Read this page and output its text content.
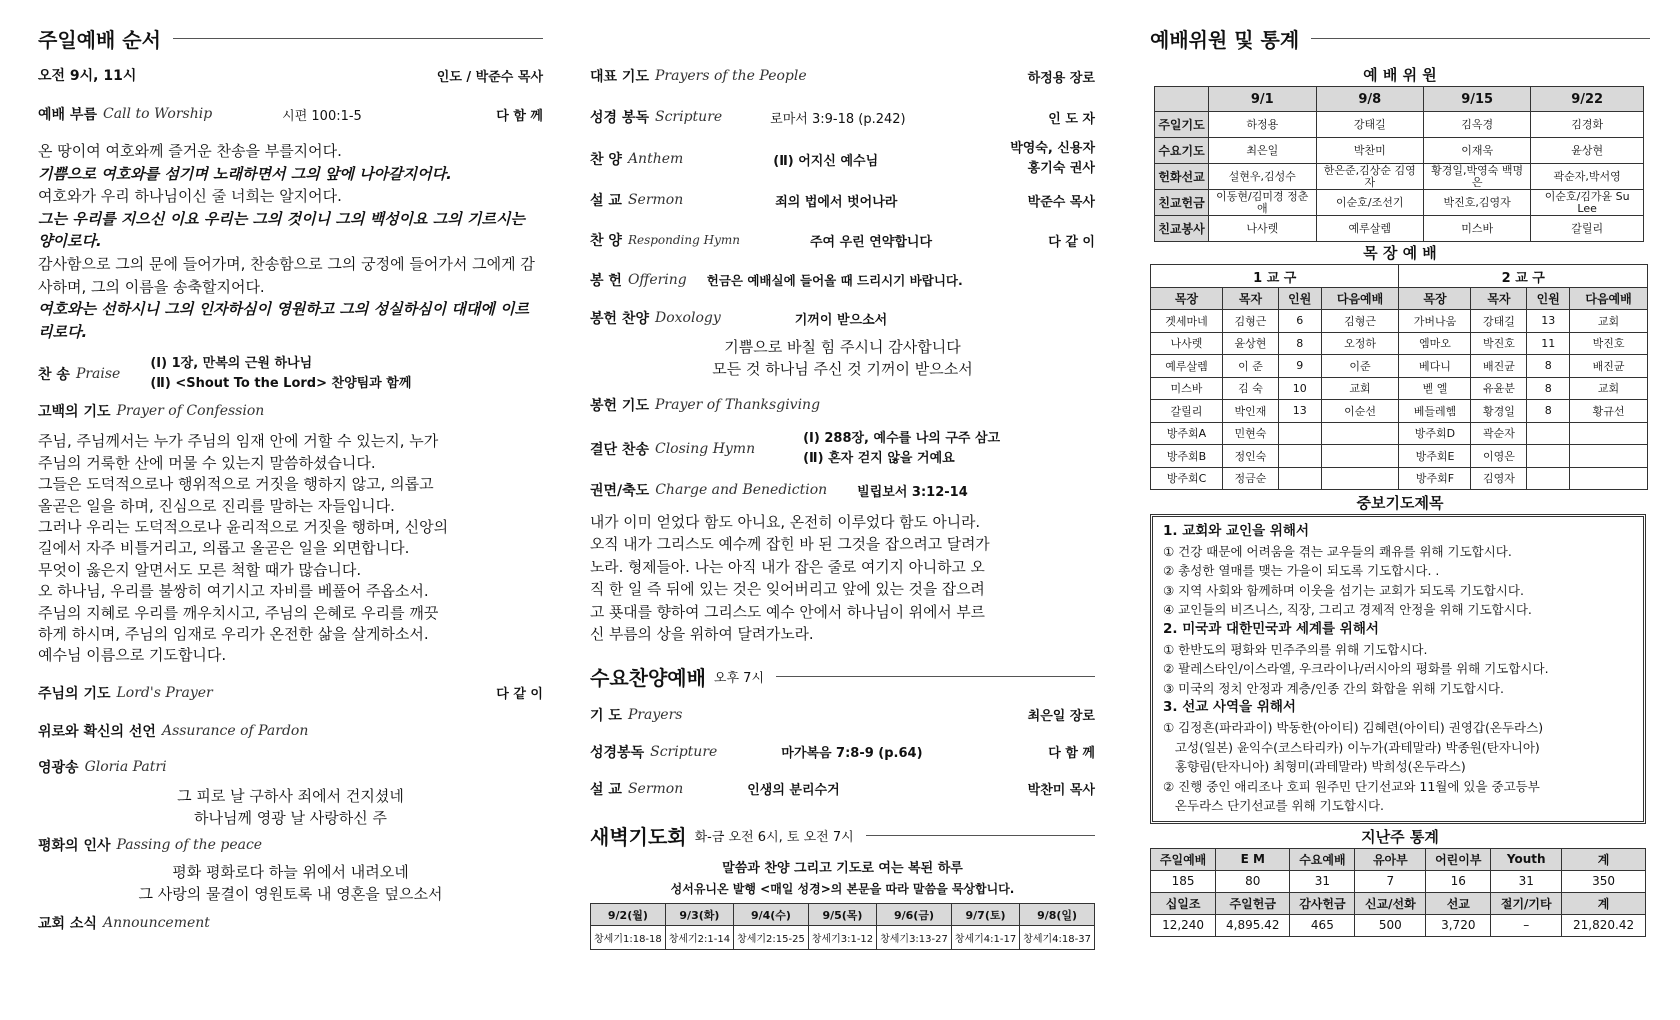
주일예배 순서
오전 9시, 11시	인도 / 박준수 목사
예배 부름 Call to Worship	시편 100:1-5	다 함 께
온 땅이여 여호와께 즐거운 찬송을 부를지어다.
기쁨으로 여호와를 섬기며 노래하면서 그의 앞에 나아갈지어다.
여호와가 우리 하나님이신 줄 너희는 알지어다.
그는 우리를 지으신 이요 우리는 그의 것이니 그의 백성이요 그의 기르시는 양이로다.
감사함으로 그의 문에 들어가며, 찬송함으로 그의 궁정에 들어가서 그에게 감사하며, 그의 이름을 송축할지어다.
여호와는 선하시니 그의 인자하심이 영원하고 그의 성실하심이 대대에 이르리로다.
찬 송 Praise
(Ⅰ) 1장, 만복의 근원 하나님
(Ⅱ) <Shout To the Lord> 찬양팀과 함께
고백의 기도 Prayer of Confession
주님, 주님께서는 누가 주님의 임재 안에 거할 수 있는지, 누가
주님의 거룩한 산에 머물 수 있는지 말씀하셨습니다.
그들은 도덕적으로나 행위적으로 거짓을 행하지 않고, 의롭고
올곧은 일을 하며, 진심으로 진리를 말하는 자들입니다.
그러나 우리는 도덕적으로나 윤리적으로 거짓을 행하며, 신앙의
길에서 자주 비틀거리고, 의롭고 올곧은 일을 외면합니다.
무엇이 옳은지 알면서도 모른 척할 때가 많습니다.
오 하나님, 우리를 불쌍히 여기시고 자비를 베풀어 주옵소서.
주님의 지혜로 우리를 깨우치시고, 주님의 은혜로 우리를 깨끗
하게 하시며, 주님의 임재로 우리가 온전한 삶을 살게하소서.
예수님 이름으로 기도합니다.
주님의 기도 Lord's Prayer	다 같 이
위로와 확신의 선언 Assurance of Pardon
영광송 Gloria Patri
그 피로 날 구하사 죄에서 건지셨네
하나님께 영광 날 사랑하신 주
평화의 인사 Passing of the peace
평화 평화로다 하늘 위에서 내려오네
그 사랑의 물결이 영원토록 내 영혼을 덮으소서
교회 소식 Announcement
대표 기도 Prayers of the People	하정용 장로
성경 봉독 Scripture	로마서 3:9-18 (p.242)	인 도 자
찬 양 Anthem	(Ⅱ) 어지신 예수님
박영숙, 신용자
홍기숙 권사
설 교 Sermon	죄의 법에서 벗어나라	박준수 목사
찬 양 Responding Hymn	주여 우린 연약합니다	다 같 이
봉 헌 Offering 헌금은 예배실에 들어올 때 드리시기 바랍니다.
봉헌 찬양 Doxology	기꺼이 받으소서
기쁨으로 바칠 힘 주시니 감사합니다
모든 것 하나님 주신 것 기꺼이 받으소서
봉헌 기도 Prayer of Thanksgiving
결단 찬송 Closing Hymn
(Ⅰ) 288장, 예수를 나의 구주 삼고
(Ⅱ) 혼자 걷지 않을 거예요
권면/축도 Charge and Benediction 빌립보서 3:12-14
내가 이미 얻었다 함도 아니요, 온전히 이루었다 함도 아니라.
오직 내가 그리스도 예수께 잡힌 바 된 그것을 잡으려고 달려가
노라. 형제들아. 나는 아직 내가 잡은 줄로 여기지 아니하고 오
직 한 일 즉 뒤에 있는 것은 잊어버리고 앞에 있는 것을 잡으려
고 푯대를 향하여 그리스도 예수 안에서 하나님이 위에서 부르
신 부름의 상을 위하여 달려가노라.
수요찬양예배 오후 7시
기 도 Prayers	최은일 장로
성경봉독 Scripture	마가복음 7:8-9 (p.64)	다 함 께
설 교 Sermon	인생의 분리수거	박찬미 목사
새벽기도회 화-금 오전 6시, 토 오전 7시
말씀과 찬양 그리고 기도로 여는 복된 하루
성서유니온 발행 <매일 성경>의 본문을 따라 말씀을 묵상합니다.
9/2(월)	9/3(화)	9/4(수)	9/5(목)	9/6(금)	9/7(토)	9/8(일)
창세기1:18-18	창세기2:1-14	창세기2:15-25	창세기3:1-12	창세기3:13-27	창세기4:1-17	창세기4:18-37
예배위원 및 통계
예 배 위 원
	9/1	9/8	9/15	9/22
주일기도	하정용	강태길	김옥경	김경화
수요기도	최은일	박찬미	이재욱	윤상현
헌화선교	설현우,김성수	한은준,김상순 김영자	황경일,박영숙 백명은	곽순자,박서영
친교헌금	이동현/김미경 정춘애	이순호/조선기	박진호,김영자	이순호/김가윤 Su Lee
친교봉사	나사렛	예루살렘	미스바	갈릴리
목 장 예 배
1 교 구				2 교 구			
목장	목자	인원	다음예배	목장	목자	인원	다음예배
겟세마네	김형근	6	김형근	가버나움	강태길	13	교회
나사렛	윤상현	8	오정하	엠마오	박진호	11	박진호
예루살렘	이 준	9	이준	베다니	배진균	8	배진균
미스바	김 숙	10	교회	벧 엘	유윤분	8	교회
갈릴리	박인재	13	이순선	베들레헴	황경일	8	황규선
방주회A	민현숙			방주회D	곽순자		
방주회B	정인숙			방주회E	이영은		
방주회C	정금순			방주회F	김영자		
중보기도제목
1. 교회와 교인을 위해서
① 건강 때문에 어려움을 겪는 교우들의 쾌유를 위해 기도합시다.
② 총성한 열매를 맺는 가을이 되도록 기도합시다. .
③ 지역 사회와 함께하며 이웃을 섬기는 교회가 되도록 기도합시다.
④ 교인들의 비즈니스, 직장, 그리고 경제적 안정을 위해 기도합시다.
2. 미국과 대한민국과 세계를 위해서
① 한반도의 평화와 민주주의를 위해 기도합시다.
② 팔레스타인/이스라엘, 우크라이나/러시아의 평화를 위해 기도합시다.
③ 미국의 정치 안정과 계층/인종 간의 화합을 위해 기도합시다.
3. 선교 사역을 위해서
① 김정흔(파라과이) 박동한(아이티) 김혜련(아이티) 권영갑(온두라스)
고성(일본) 윤익수(코스타리카) 이누가(과테말라) 박종원(탄자니아)
홍향림(탄자니아) 최형미(과테말라) 박희성(온두라스)
② 진행 중인 애리조나 호피 원주민 단기선교와 11월에 있을 중고등부
온두라스 단기선교를 위해 기도합시다.
지난주 통계
주일예배	E M	수요예배	유아부	어린이부	Youth	계
185	80	31	7	16	31	350
십일조	주일헌금	감사헌금	신교/선화	선교	절기/기타	계
12,240	4,895.42	465	500	3,720	–	21,820.42
